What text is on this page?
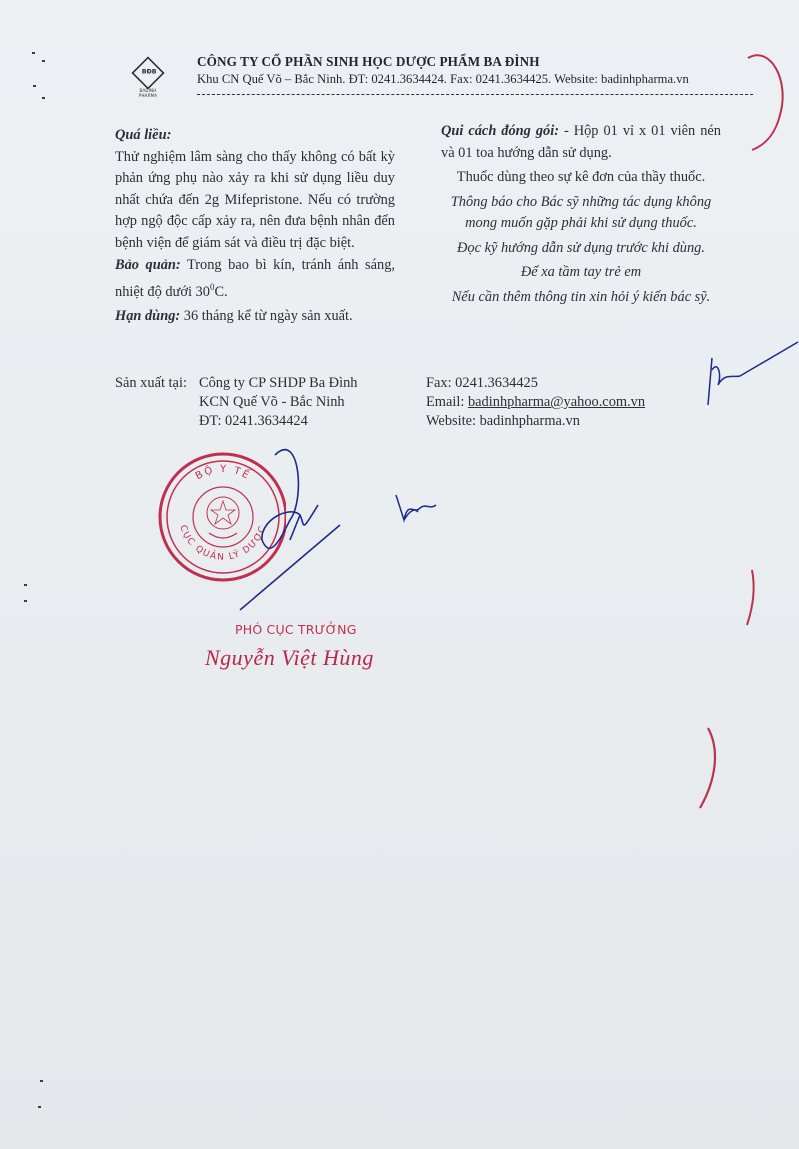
BĐB
BADINH PHARMA
CÔNG TY CỔ PHẦN SINH HỌC DƯỢC PHẨM BA ĐÌNH
Khu CN Quế Võ – Bắc Ninh. ĐT: 0241.3634424. Fax: 0241.3634425. Website: badinhpharma.vn

Quá liều:

Thử nghiệm lâm sàng cho thấy không có bất kỳ phản ứng phụ nào xảy ra khi sử dụng liều duy nhất chứa đến 2g Mifepristone. Nếu có trường hợp ngộ độc cấp xảy ra, nên đưa bệnh nhân đến bệnh viện để giám sát và điều trị đặc biệt.

Bảo quản: Trong bao bì kín, tránh ánh sáng, nhiệt độ dưới $30^0C$.

Hạn dùng: 36 tháng kể từ ngày sản xuất.

Qui cách đóng gói: - Hộp 01 vỉ x 01 viên nén và 01 toa hướng dẫn sử dụng.

Thuốc dùng theo sự kê đơn của thầy thuốc.

Thông báo cho Bác sỹ những tác dụng không mong muốn gặp phải khi sử dụng thuốc.

Đọc kỹ hướng dẫn sử dụng trước khi dùng.

Để xa tầm tay trẻ em

Nếu cần thêm thông tin xin hỏi ý kiến bác sỹ.

Sản xuất tại: Công ty CP SHDP Ba Đình
KCN Quế Võ - Bắc Ninh
ĐT: 0241.3634424
Fax: 0241.3634425
Email: badinhpharma@yahoo.com.vn
Website: badinhpharma.vn
BỘ Y TẾ
CỤC QUẢN LÝ DƯỢC
PHÓ CỤC TRƯỞNG
Nguyễn Việt Hùng
